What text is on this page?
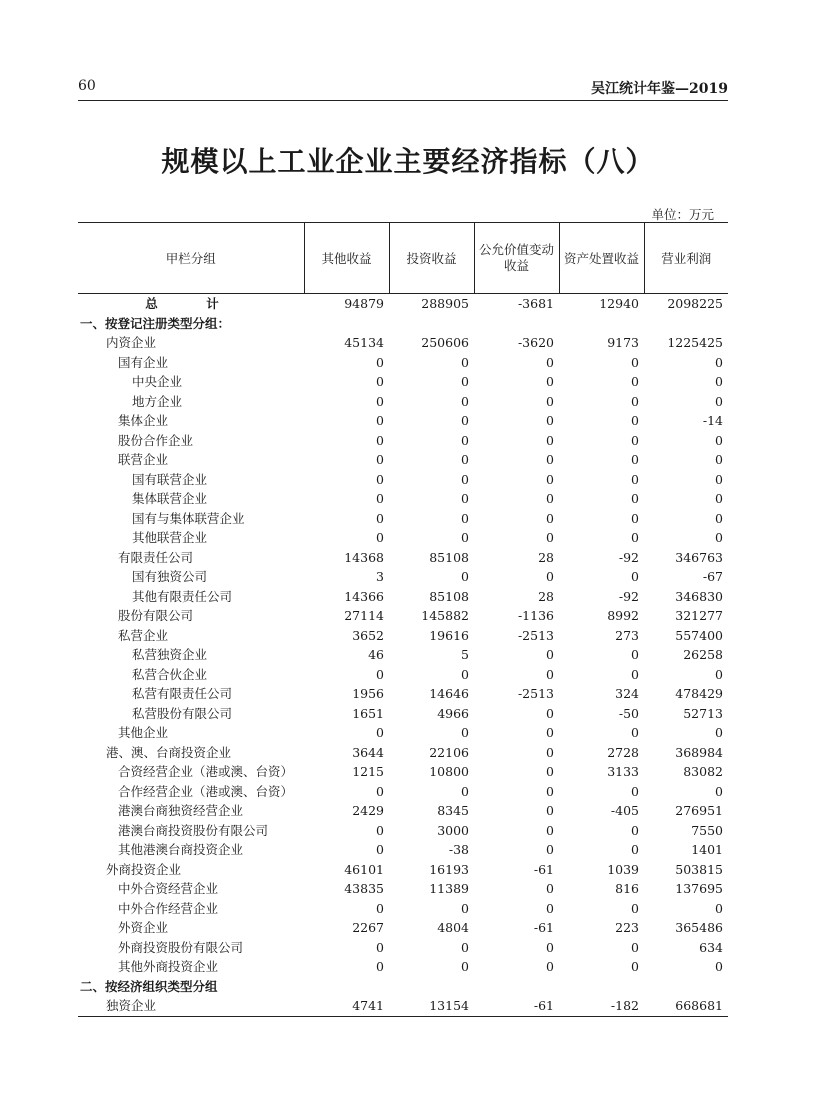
60	吴江统计年鉴—2019
规模以上工业企业主要经济指标（八）
单位：万元
甲栏分组	其他收益	投资收益	公允价值变动收益	资产处置收益	营业利润
总　计	94879	288905	-3681	12940	2098225
一、按登记注册类型分组：					
内资企业	45134	250606	-3620	9173	1225425
国有企业	0	0	0	0	0
中央企业	0	0	0	0	0
地方企业	0	0	0	0	0
集体企业	0	0	0	0	-14
股份合作企业	0	0	0	0	0
联营企业	0	0	0	0	0
国有联营企业	0	0	0	0	0
集体联营企业	0	0	0	0	0
国有与集体联营企业	0	0	0	0	0
其他联营企业	0	0	0	0	0
有限责任公司	14368	85108	28	-92	346763
国有独资公司	3	0	0	0	-67
其他有限责任公司	14366	85108	28	-92	346830
股份有限公司	27114	145882	-1136	8992	321277
私营企业	3652	19616	-2513	273	557400
私营独资企业	46	5	0	0	26258
私营合伙企业	0	0	0	0	0
私营有限责任公司	1956	14646	-2513	324	478429
私营股份有限公司	1651	4966	0	-50	52713
其他企业	0	0	0	0	0
港、澳、台商投资企业	3644	22106	0	2728	368984
合资经营企业（港或澳、台资）	1215	10800	0	3133	83082
合作经营企业（港或澳、台资）	0	0	0	0	0
港澳台商独资经营企业	2429	8345	0	-405	276951
港澳台商投资股份有限公司	0	3000	0	0	7550
其他港澳台商投资企业	0	-38	0	0	1401
外商投资企业	46101	16193	-61	1039	503815
中外合资经营企业	43835	11389	0	816	137695
中外合作经营企业	0	0	0	0	0
外资企业	2267	4804	-61	223	365486
外商投资股份有限公司	0	0	0	0	634
其他外商投资企业	0	0	0	0	0
二、按经济组织类型分组					
独资企业	4741	13154	-61	-182	668681
